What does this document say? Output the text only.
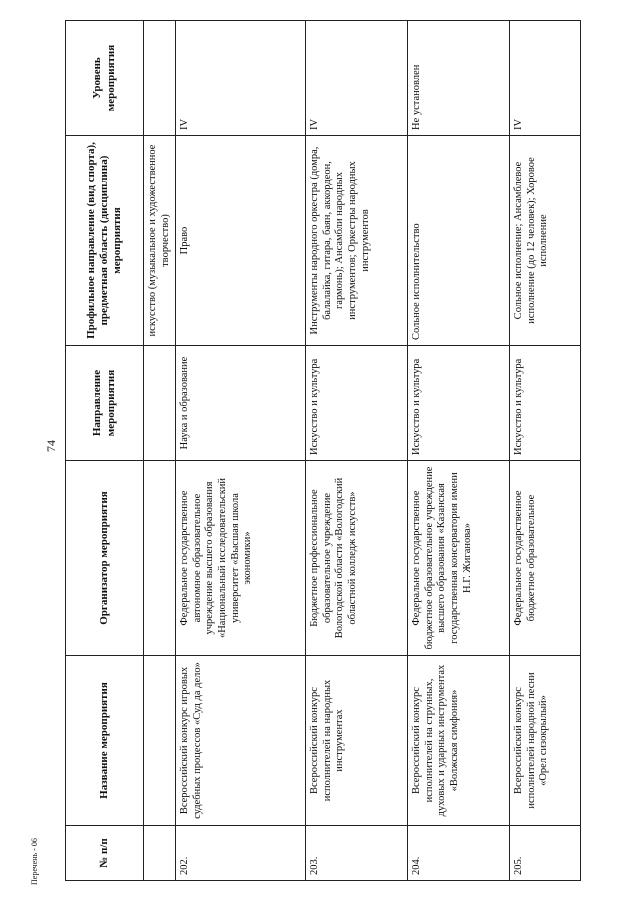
74
Перечень - 06	№ п/п	Название мероприятия	Организатор мероприятия	Направление мероприятия	Профильное направление (вид спорта), предметная область (дисциплина) мероприятия	Уровень мероприятия
				искусство (музыкальное и художественное творчество)	
202.	Всероссийский конкурс игровых судебных процессов «Суд да дело»	Федеральное государственное автономное образовательное учреждение высшего образования «Национальный исследовательский университет «Высшая школа экономики»	Наука и образование	Право	IV
203.	Всероссийский конкурс исполнителей на народных инструментах	Бюджетное профессиональное образовательное учреждение Вологодской области «Вологодский областной колледж искусств»	Искусство и культура	Инструменты народного оркестра (домра, балалайка, гитара, баян, аккордеон, гармонь); Ансамбли народных инструментов; Оркестры народных инструментов	IV
204.	Всероссийский конкурс исполнителей на струнных, духовых и ударных инструментах «Волжская симфония»	Федеральное государственное бюджетное образовательное учреждение высшего образования «Казанская государственная консерватория имени Н.Г. Жиганова»	Искусство и культура	Сольное исполнительство	Не установлен
205.	Всероссийский конкурс исполнителей народной песни «Орел сизокрылый»	Федеральное государственное бюджетное образовательное	Искусство и культура	Сольное исполнение; Ансамблевое исполнение (до 12 человек); Хоровое исполнение	IV
